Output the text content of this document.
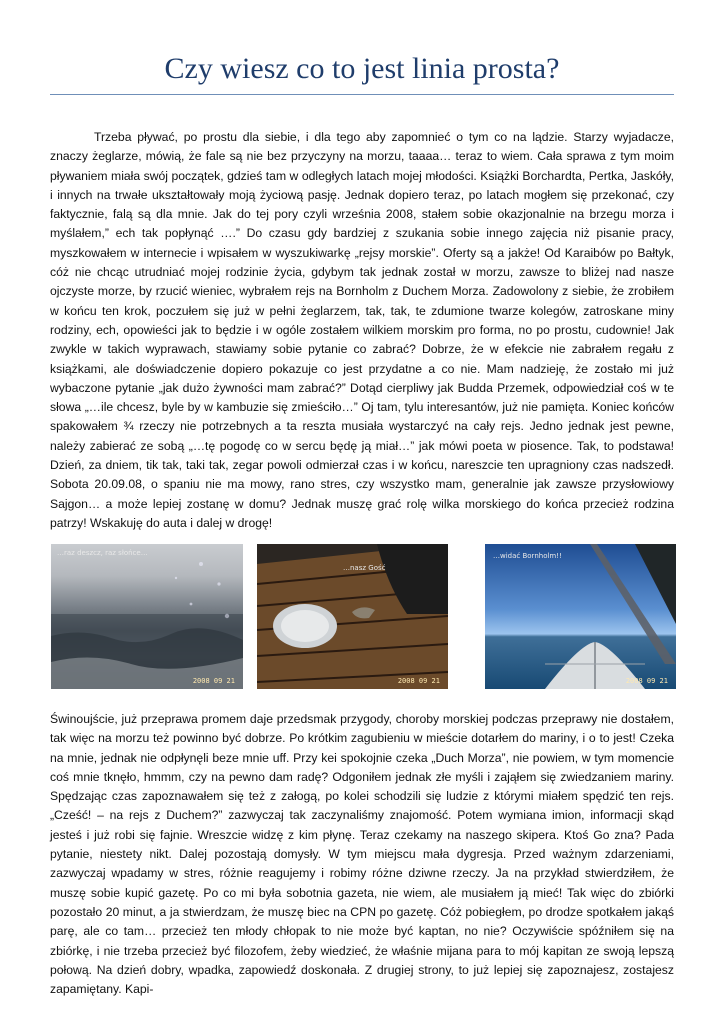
Czy wiesz co to jest linia prosta?

Trzeba pływać, po prostu dla siebie, i dla tego aby zapomnieć o tym co na lądzie. Starzy wyjadacze, znaczy żeglarze, mówią, że fale są nie bez przyczyny na morzu, taaaa… teraz to wiem. Cała sprawa z tym moim pływaniem miała swój początek, gdzieś tam w odległych latach mojej młodości. Książki Borchardta, Pertka, Jaskóły, i innych na trwałe ukształtowały moją życiową pasję. Jednak dopiero teraz, po latach mogłem się przekonać, czy faktycznie, falą są dla mnie. Jak do tej pory czyli września 2008, stałem sobie okazjonalnie na brzegu morza i myślałem,” ech tak popłynąć ….” Do czasu gdy bardziej z szukania sobie innego zajęcia niż pisanie pracy, myszkowałem w internecie i wpisałem w wyszukiwarkę „rejsy morskie”. Oferty są a jakże! Od Karaibów po Bałtyk, cóż nie chcąc utrudniać mojej rodzinie życia, gdybym tak jednak został w morzu, zawsze to bliżej nad nasze ojczyste morze, by rzucić wieniec, wybrałem rejs na Bornholm z Duchem Morza. Zadowolony z siebie, że zrobiłem w końcu ten krok, poczułem się już w pełni żeglarzem, tak, tak, te zdumione twarze kolegów, zatroskane miny rodziny, ech, opowieści jak to będzie i w ogóle zostałem wilkiem morskim pro forma, no po prostu, cudownie! Jak zwykle w takich wyprawach, stawiamy sobie pytanie co zabrać? Dobrze, że w efekcie nie zabrałem regału z książkami, ale doświadczenie dopiero pokazuje co jest przydatne a co nie. Mam nadzieję, że zostało mi już wybaczone pytanie „jak dużo żywności mam zabrać?” Dotąd cierpliwy jak Budda Przemek, odpowiedział coś w te słowa „…ile chcesz, byle by w kambuzie się zmieściło…” Oj tam, tylu interesantów, już nie pamięta. Koniec końców spakowałem ¾ rzeczy nie potrzebnych a ta reszta musiała wystarczyć na cały rejs. Jedno jednak jest pewne, należy zabierać ze sobą „…tę pogodę co w sercu będę ją miał…” jak mówi poeta w piosence. Tak, to podstawa! Dzień, za dniem, tik tak, taki tak, zegar powoli odmierzał czas i w końcu, nareszcie ten upragniony czas nadszedł. Sobota 20.09.08, o spaniu nie ma mowy, rano stres, czy wszystko mam, generalnie jak zawsze przysłowiowy Sajgon… a może lepiej zostanę w domu? Jednak muszę grać rolę wilka morskiego do końca przecież rodzina patrzy! Wskakuję do auta i dalej w drogę!

…raz deszcz, raz słońce…
2008 09 21
…nasz Gość
2008 09 21
…widać Bornholm!!
2008 09 21

Świnoujście, już przeprawa promem daje przedsmak przygody, choroby morskiej podczas przeprawy nie dostałem, tak więc na morzu też powinno być dobrze. Po krótkim zagubieniu w mieście dotarłem do mariny, i o to jest! Czeka na mnie, jednak nie odpłynęli beze mnie uff. Przy kei spokojnie czeka „Duch Morza”, nie powiem, w tym momencie coś mnie tknęło, hmmm, czy na pewno dam radę? Odgoniłem jednak złe myśli i zająłem się zwiedzaniem mariny. Spędzając czas zapoznawałem się też z załogą, po kolei schodzili się ludzie z którymi miałem spędzić ten rejs. „Cześć! – na rejs z Duchem?” zazwyczaj tak zaczynaliśmy znajomość. Potem wymiana imion, informacji skąd jesteś i już robi się fajnie. Wreszcie widzę z kim płynę. Teraz czekamy na naszego skipera. Ktoś Go zna? Pada pytanie, niestety nikt. Dalej pozostają domysły. W tym miejscu mała dygresja. Przed ważnym zdarzeniami, zazwyczaj wpadamy w stres, różnie reagujemy i robimy różne dziwne rzeczy. Ja na przykład stwierdziłem, że muszę sobie kupić gazetę. Po co mi była sobotnia gazeta, nie wiem, ale musiałem ją mieć! Tak więc do zbiórki pozostało 20 minut, a ja stwierdzam, że muszę biec na CPN po gazetę. Cóż pobiegłem, po drodze spotkałem jakąś parę, ale co tam… przecież ten młody chłopak to nie może być kaptan, no nie? Oczywiście spóźniłem się na zbiórkę, i nie trzeba przecież być filozofem, żeby wiedzieć, że właśnie mijana para to mój kapitan ze swoją lepszą połową. Na dzień dobry, wpadka, zapowiedź doskonała. Z drugiej strony, to już lepiej się zapoznajesz, zostajesz zapamiętany. Kapi-
